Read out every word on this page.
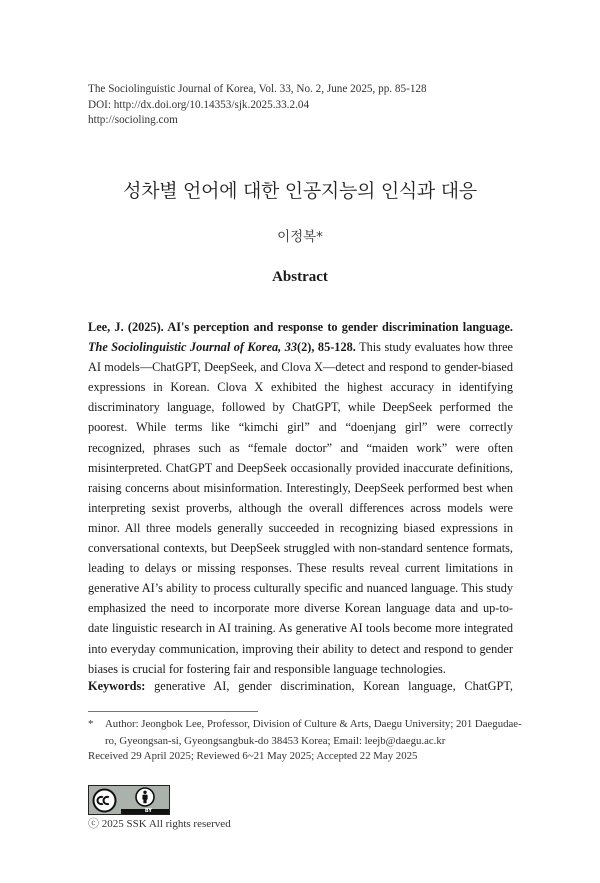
The Sociolinguistic Journal of Korea, Vol. 33, No. 2, June 2025, pp. 85-128
DOI: http://dx.doi.org/10.14353/sjk.2025.33.2.04
http://socioling.com
성차별 언어에 대한 인공지능의 인식과 대응
이정복*
Abstract

Lee, J. (2025). AI's perception and response to gender discrimination language. The Sociolinguistic Journal of Korea, 33(2), 85-128. This study evaluates how three AI models—ChatGPT, DeepSeek, and Clova X—detect and respond to gender-biased expressions in Korean. Clova X exhibited the highest accuracy in identifying discriminatory language, followed by ChatGPT, while DeepSeek performed the poorest. While terms like “kimchi girl” and “doenjang girl” were correctly recognized, phrases such as “female doctor” and “maiden work” were often misinterpreted. ChatGPT and DeepSeek occasionally provided inaccurate definitions, raising concerns about misinformation. Interestingly, DeepSeek performed best when interpreting sexist proverbs, although the overall differences across models were minor. All three models generally succeeded in recognizing biased expressions in conversational contexts, but DeepSeek struggled with non-standard sentence formats, leading to delays or missing responses. These results reveal current limitations in generative AI’s ability to process culturally specific and nuanced language. This study emphasized the need to incorporate more diverse Korean language data and up-to-date linguistic research in AI training. As generative AI tools become more integrated into everyday communication, improving their ability to detect and respond to gender biases is crucial for fostering fair and responsible language technologies.

Keywords: generative AI, gender discrimination, Korean language, ChatGPT,
* Author: Jeongbok Lee, Professor, Division of Culture & Arts, Daegu University; 201 Daegudae-ro, Gyeongsan-si, Gyeongsangbuk-do 38453 Korea; Email: leejb@daegu.ac.kr
Received 29 April 2025; Reviewed 6~21 May 2025; Accepted 22 May 2025
BY
ⓒ 2025 SSK All rights reserved
